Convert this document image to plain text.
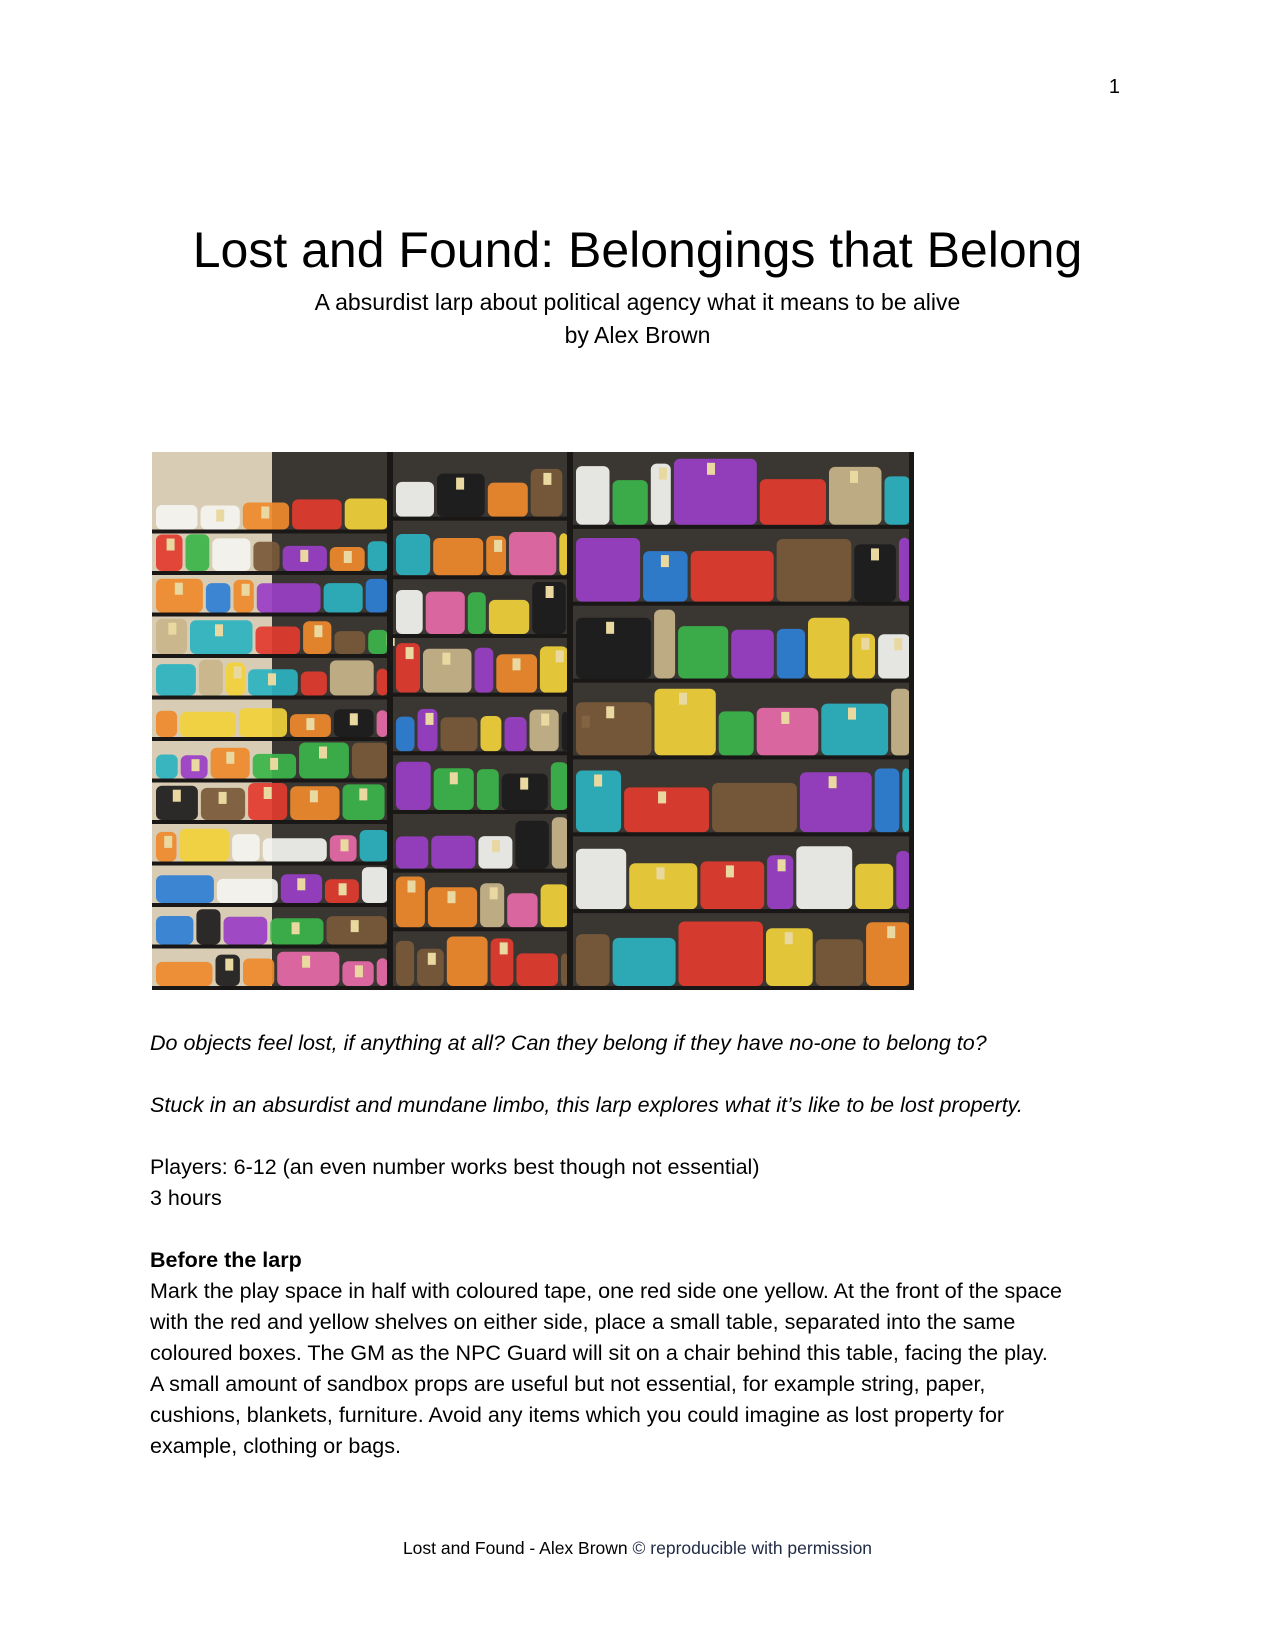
1
Lost and Found: Belongings that Belong
A absurdist larp about political agency what it means to be alive
by Alex Brown

Do objects feel lost, if anything at all? Can they belong if they have no-one to belong to?

Stuck in an absurdist and mundane limbo, this larp explores what it’s like to be lost property.

Players: 6-12 (an even number works best though not essential)

3 hours

Before the larp

Mark the play space in half with coloured tape, one red side one yellow. At the front of the space

with the red and yellow shelves on either side, place a small table, separated into the same

coloured boxes. The GM as the NPC Guard will sit on a chair behind this table, facing the play.

A small amount of sandbox props are useful but not essential, for example string, paper,

cushions, blankets, furniture. Avoid any items which you could imagine as lost property for

example, clothing or bags.

Lost and Found - Alex Brown © reproducible with permission
